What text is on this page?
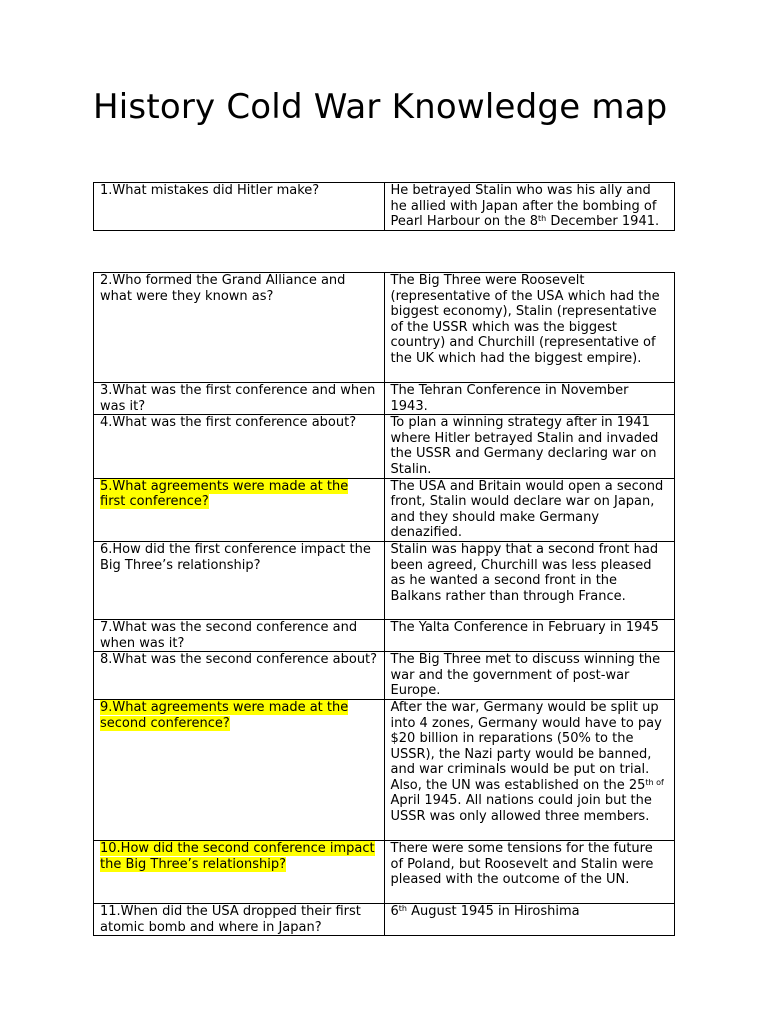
History Cold War Knowledge map
1.What mistakes did Hitler make?	He betrayed Stalin who was his ally and he allied with Japan after the bombing of Pearl Harbour on the 8th December 1941.
2.Who formed the Grand Alliance and what were they known as?	The Big Three were Roosevelt (representative of the USA which had the biggest economy), Stalin (representative of the USSR which was the biggest country) and Churchill (representative of the UK which had the biggest empire).
3.What was the first conference and when was it?	The Tehran Conference in November 1943.
4.What was the first conference about?	To plan a winning strategy after in 1941 where Hitler betrayed Stalin and invaded the USSR and Germany declaring war on Stalin.
5.What agreements were made at the first conference?	The USA and Britain would open a second front, Stalin would declare war on Japan, and they should make Germany denazified.
6.How did the first conference impact the Big Three’s relationship?	Stalin was happy that a second front had been agreed, Churchill was less pleased as he wanted a second front in the Balkans rather than through France.
7.What was the second conference and when was it?	The Yalta Conference in February in 1945
8.What was the second conference about?	The Big Three met to discuss winning the war and the government of post-war Europe.
9.What agreements were made at the second conference?	After the war, Germany would be split up into 4 zones, Germany would have to pay $20 billion in reparations (50% to the USSR), the Nazi party would be banned, and war criminals would be put on trial. Also, the UN was established on the $25^{th of}$ April 1945. All nations could join but the USSR was only allowed three members.
10.How did the second conference impact the Big Three’s relationship?	There were some tensions for the future of Poland, but Roosevelt and Stalin were pleased with the outcome of the UN.
11.When did the USA dropped their first atomic bomb and where in Japan?	6th August 1945 in Hiroshima
